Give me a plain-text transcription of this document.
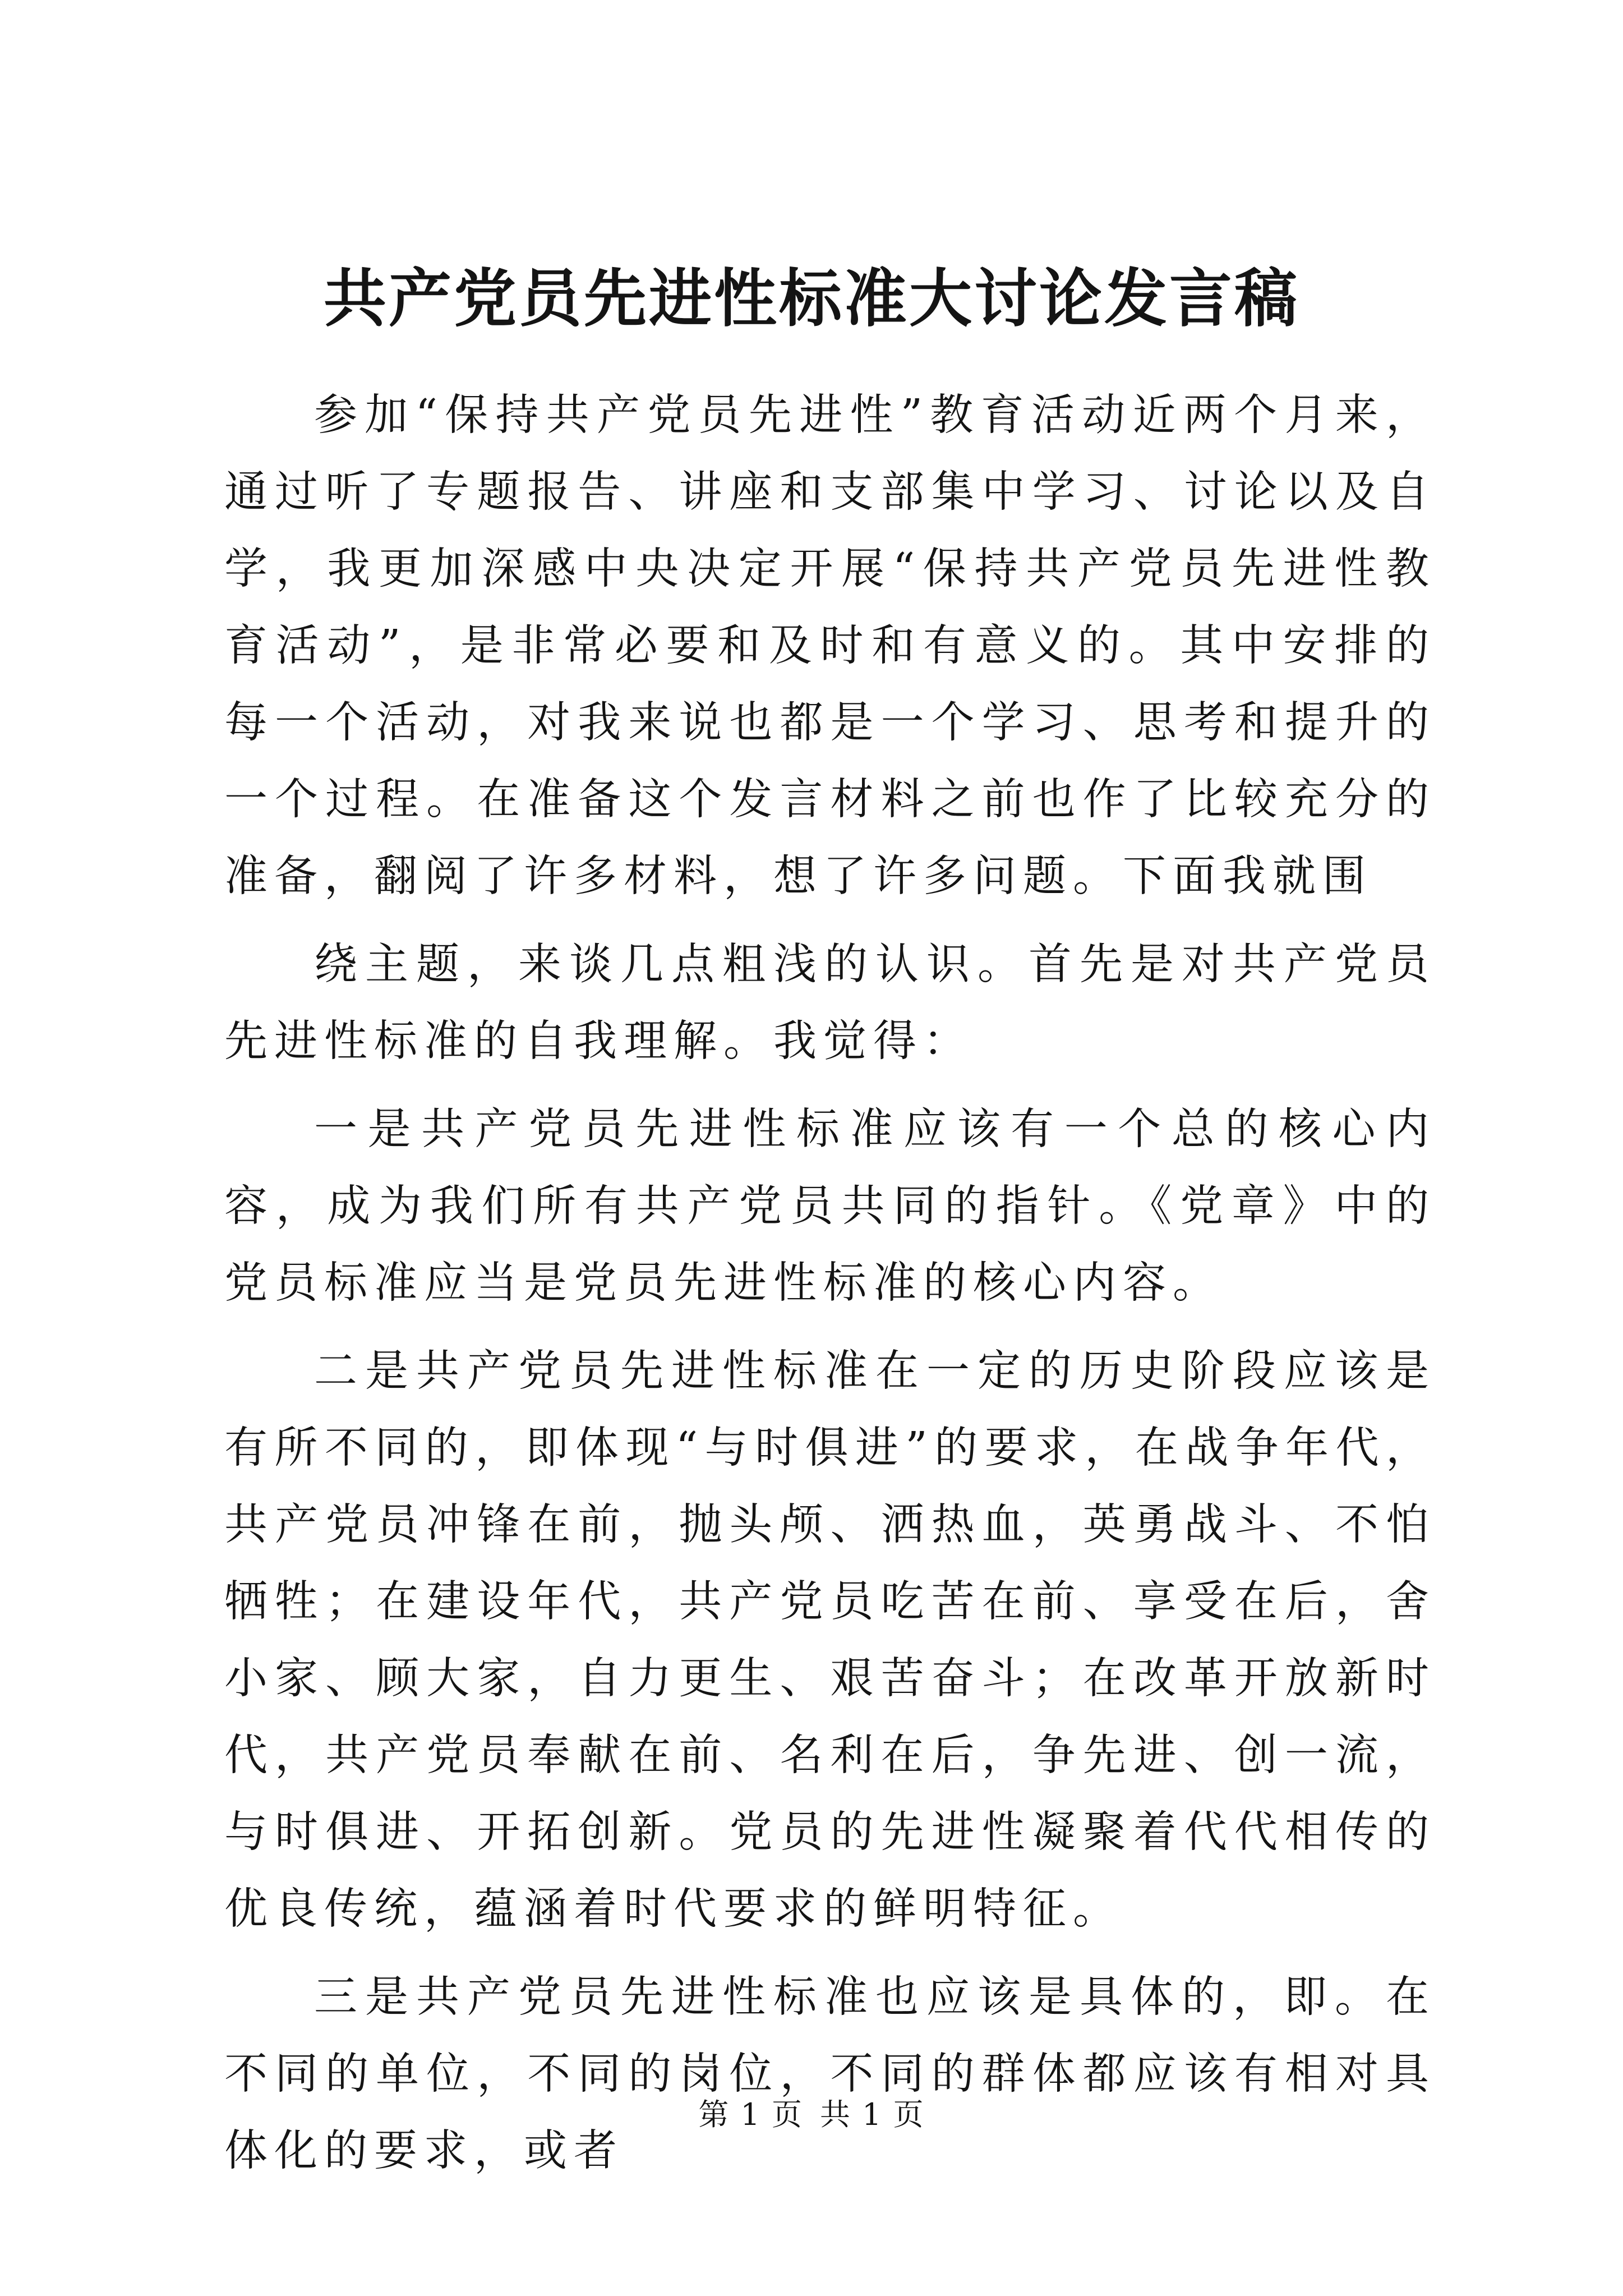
共产党员先进性标准大讨论发言稿

参加“保持共产党员先进性”教育活动近两个月来，通过听了专题报告、讲座和支部集中学习、讨论以及自学，我更加深感中央决定开展“保持共产党员先进性教育活动”，是非常必要和及时和有意义的。其中安排的每一个活动，对我来说也都是一个学习、思考和提升的一个过程。在准备这个发言材料之前也作了比较充分的准备，翻阅了许多材料，想了许多问题。下面我就围

绕主题，来谈几点粗浅的认识。首先是对共产党员先进性标准的自我理解。我觉得：

一是共产党员先进性标准应该有一个总的核心内容，成为我们所有共产党员共同的指针。《党章》中的党员标准应当是党员先进性标准的核心内容。

二是共产党员先进性标准在一定的历史阶段应该是有所不同的，即体现“与时俱进”的要求，在战争年代，共产党员冲锋在前，抛头颅、洒热血，英勇战斗、不怕牺牲；在建设年代，共产党员吃苦在前、享受在后，舍小家、顾大家，自力更生、艰苦奋斗；在改革开放新时代，共产党员奉献在前、名利在后，争先进、创一流，与时俱进、开拓创新。党员的先进性凝聚着代代相传的优良传统，蕴涵着时代要求的鲜明特征。

三是共产党员先进性标准也应该是具体的，即。在不同的单位，不同的岗位，不同的群体都应该有相对具体化的要求，或者

第 1 页 共 1 页
